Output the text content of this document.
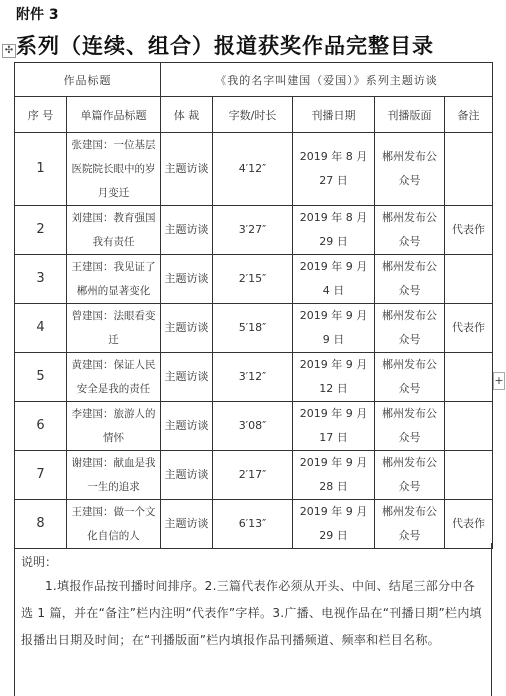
附件 3
✣ 系列（连续、组合）报道获奖作品完整目录
作品标题		《我的名字叫建国（爱国）》系列主题访谈				
序 号	单篇作品标题	体 裁	字数/时长	刊播日期	刊播版面	备注
1	张建国：一位基层医院院长眼中的岁月变迁	主题访谈	4′12″	2019 年 8 月 27 日	郴州发布公众号	
2	刘建国：教育强国我有责任	主题访谈	3′27″	2019 年 8 月 29 日	郴州发布公众号	代表作
3	王建国：我见证了郴州的显著变化	主题访谈	2′15″	2019 年 9 月 4 日	郴州发布公众号	
4	曾建国：法眼看变迁	主题访谈	5′18″	2019 年 9 月 9 日	郴州发布公众号	代表作
5	黄建国：保证人民安全是我的责任	主题访谈	3′12″	2019 年 9 月 12 日	郴州发布公众号	
6	李建国：旅游人的情怀	主题访谈	3′08″	2019 年 9 月 17 日	郴州发布公众号	
7	谢建国：献血是我一生的追求	主题访谈	2′17″	2019 年 9 月 28 日	郴州发布公众号	
8	王建国：做一个文化自信的人	主题访谈	6′13″	2019 年 9 月 29 日	郴州发布公众号	代表作
+
说明：
1.填报作品按刊播时间排序。2.三篇代表作必须从开头、中间、结尾三部分中各选 1 篇，并在“备注”栏内注明“代表作”字样。3.广播、电视作品在“刊播日期”栏内填报播出日期及时间；在“刊播版面”栏内填报作品刊播频道、频率和栏目名称。
